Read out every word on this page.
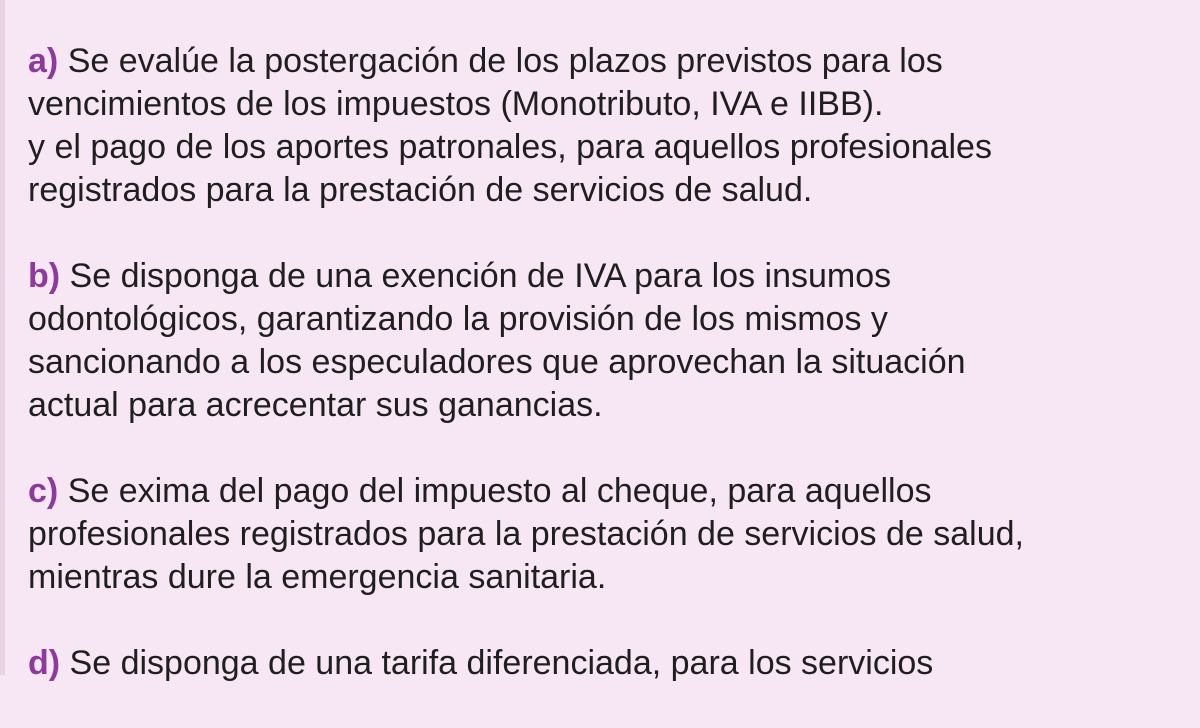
a) Se evalúe la postergación de los plazos previstos para los
vencimientos de los impuestos (Monotributo, IVA e IIBB).
y el pago de los aportes patronales, para aquellos profesionales
registrados para la prestación de servicios de salud.
b) Se disponga de una exención de IVA para los insumos
odontológicos, garantizando la provisión de los mismos y
sancionando a los especuladores que aprovechan la situación
actual para acrecentar sus ganancias.
c) Se exima del pago del impuesto al cheque, para aquellos
profesionales registrados para la prestación de servicios de salud,
mientras dure la emergencia sanitaria.
d) Se disponga de una tarifa diferenciada, para los servicios
